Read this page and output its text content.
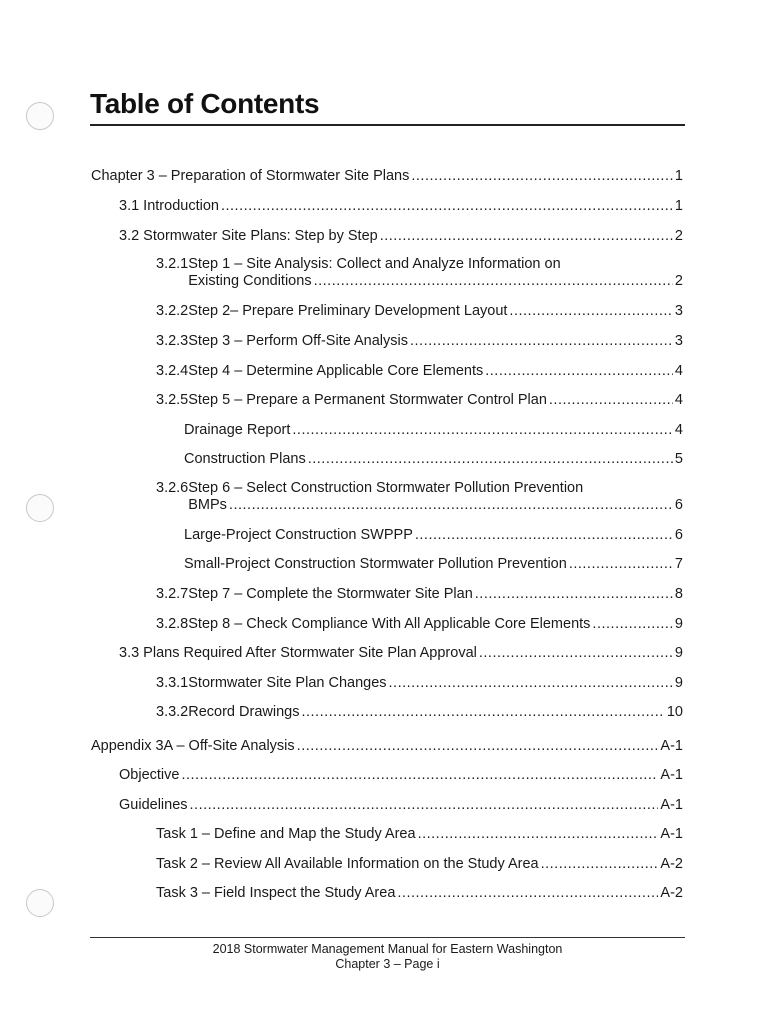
Table of Contents
Chapter 3 – Preparation of Stormwater Site Plans .....	1
3.1 Introduction .....	1
3.2 Stormwater Site Plans: Step by Step .....	2
3.2.1 Step 1 – Site Analysis: Collect and Analyze Information on
Existing Conditions .....	2
3.2.2 Step 2– Prepare Preliminary Development Layout .....	3
3.2.3 Step 3 – Perform Off-Site Analysis .....	3
3.2.4 Step 4 – Determine Applicable Core Elements .....	4
3.2.5 Step 5 – Prepare a Permanent Stormwater Control Plan .....	4
Drainage Report .....	4
Construction Plans .....	5
3.2.6 Step 6 – Select Construction Stormwater Pollution Prevention
BMPs .....	6
Large-Project Construction SWPPP .....	6
Small-Project Construction Stormwater Pollution Prevention .....	7
3.2.7 Step 7 – Complete the Stormwater Site Plan .....	8
3.2.8 Step 8 – Check Compliance With All Applicable Core Elements .....	9
3.3 Plans Required After Stormwater Site Plan Approval .....	9
3.3.1 Stormwater Site Plan Changes .....	9
3.3.2 Record Drawings .....	10
Appendix 3A – Off-Site Analysis .....	A-1
Objective .....	A-1
Guidelines .....	A-1
Task 1 – Define and Map the Study Area .....	A-1
Task 2 – Review All Available Information on the Study Area .....	A-2
Task 3 – Field Inspect the Study Area .....	A-2
2018 Stormwater Management Manual for Eastern Washington
Chapter 3 – Page i
